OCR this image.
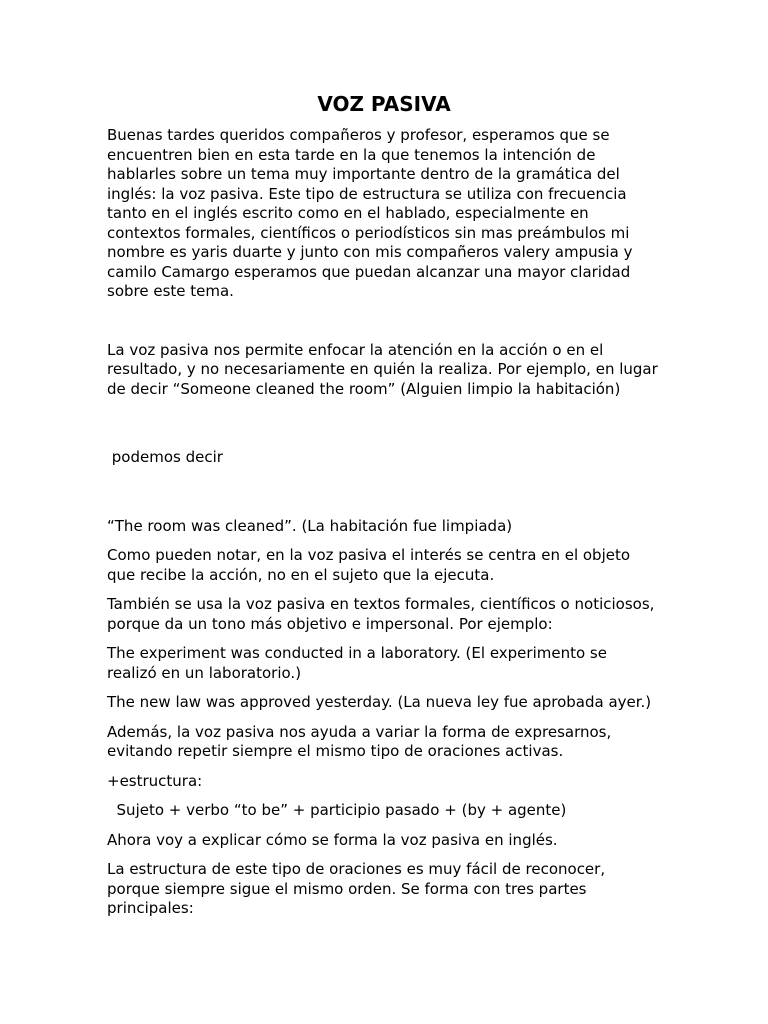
VOZ PASIVA
Buenas tardes queridos compañeros y profesor, esperamos que se
encuentren bien en esta tarde en la que tenemos la intención de
hablarles sobre un tema muy importante dentro de la gramática del
inglés: la voz pasiva. Este tipo de estructura se utiliza con frecuencia
tanto en el inglés escrito como en el hablado, especialmente en
contextos formales, científicos o periodísticos sin mas preámbulos mi
nombre es yaris duarte y junto con mis compañeros valery ampusia y
camilo Camargo esperamos que puedan alcanzar una mayor claridad
sobre este tema.
La voz pasiva nos permite enfocar la atención en la acción o en el
resultado, y no necesariamente en quién la realiza. Por ejemplo, en lugar
de decir “Someone cleaned the room” (Alguien limpio la habitación)

podemos decir

“The room was cleaned”. (La habitación fue limpiada)
Como pueden notar, en la voz pasiva el interés se centra en el objeto
que recibe la acción, no en el sujeto que la ejecuta.
También se usa la voz pasiva en textos formales, científicos o noticiosos,
porque da un tono más objetivo e impersonal. Por ejemplo:
The experiment was conducted in a laboratory. (El experimento se
realizó en un laboratorio.)
The new law was approved yesterday. (La nueva ley fue aprobada ayer.)
Además, la voz pasiva nos ayuda a variar la forma de expresarnos,
evitando repetir siempre el mismo tipo de oraciones activas.
+estructura:
Sujeto + verbo “to be” + participio pasado + (by + agente)
Ahora voy a explicar cómo se forma la voz pasiva en inglés.
La estructura de este tipo de oraciones es muy fácil de reconocer,
porque siempre sigue el mismo orden. Se forma con tres partes
principales:
